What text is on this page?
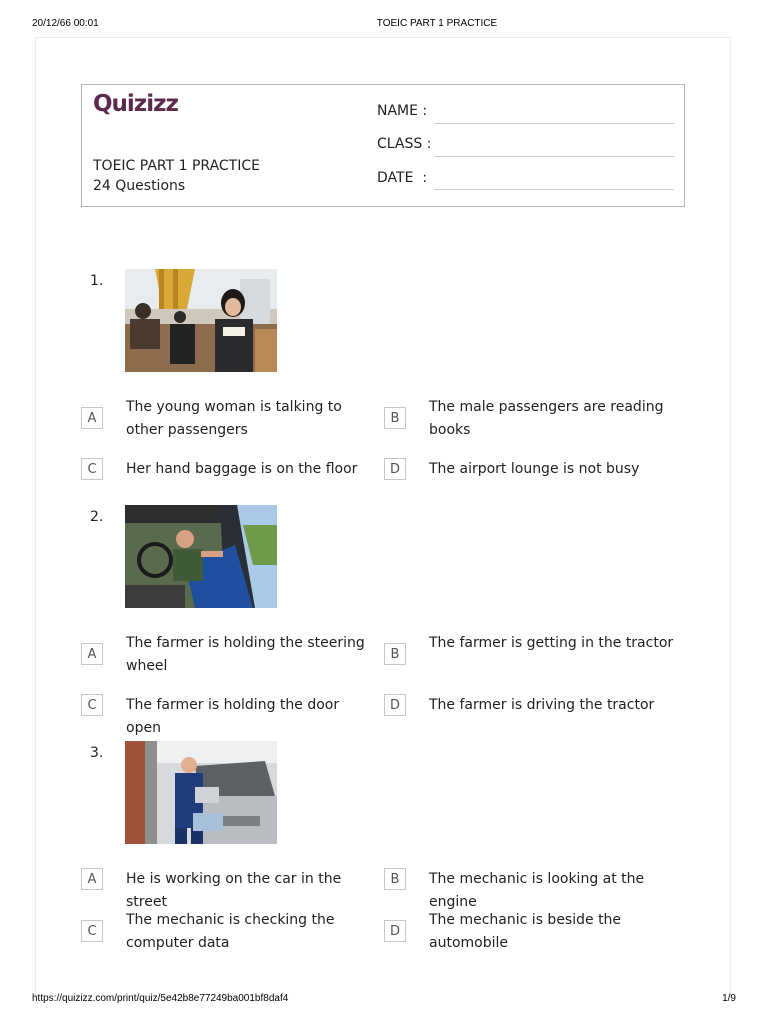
20/12/66 00:01	TOEIC PART 1 PRACTICE
Quizizz
TOEIC PART 1 PRACTICE
24 Questions
NAME :
CLASS :
DATE  :
1.
A
The young woman is talking to other passengers
B
The male passengers are reading books
C	Her hand baggage is on the floor	D	The airport lounge is not busy
2.
A
The farmer is holding the steering wheel
B
The farmer is getting in the tractor
C	The farmer is holding the door open
D	The farmer is driving the tractor
3.
A	He is working on the car in the street
B	The mechanic is looking at the engine
C
The mechanic is checking the computer data
D
The mechanic is beside the automobile
https://quizizz.com/print/quiz/5e42b8e77249ba001bf8daf4	1/9
